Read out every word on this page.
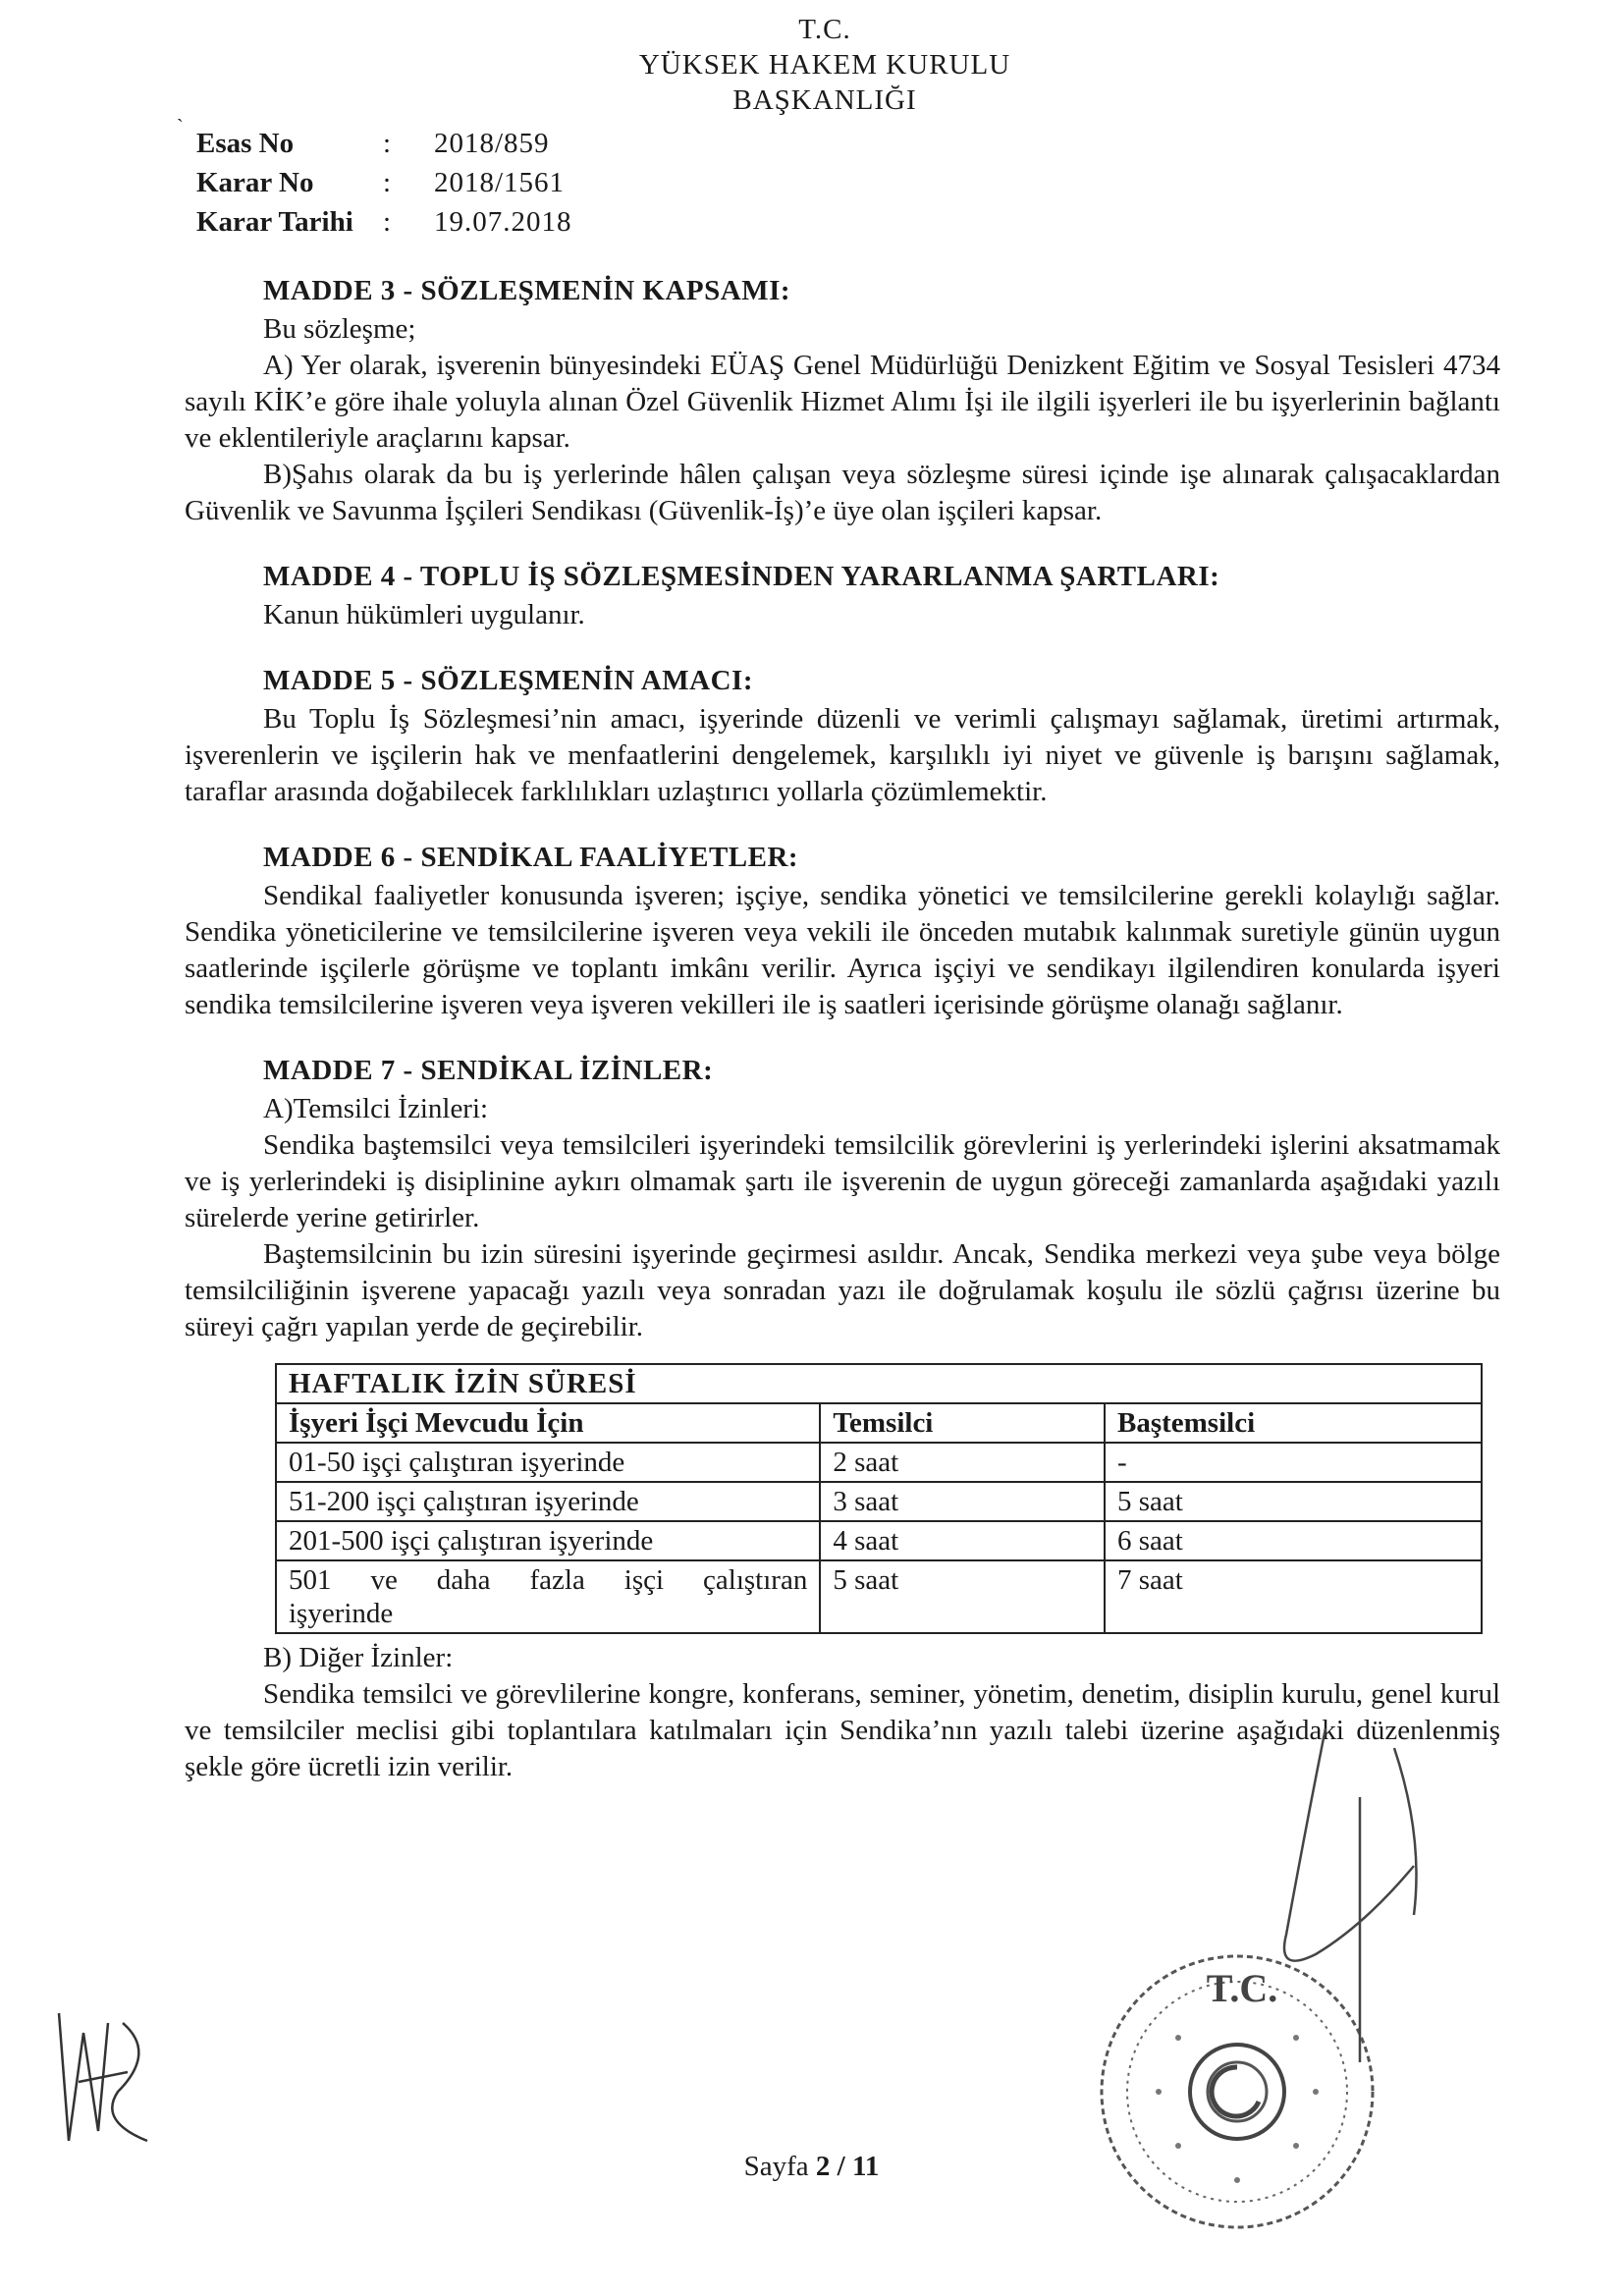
`
T.C.
YÜKSEK HAKEM KURULU
BAŞKANLIĞI
Esas No	:	2018/859
Karar No	:	2018/1561
Karar Tarihi	:	19.07.2018
MADDE 3 - SÖZLEŞMENİN KAPSAMI:

Bu sözleşme;

A) Yer olarak, işverenin bünyesindeki EÜAŞ Genel Müdürlüğü Denizkent Eğitim ve Sosyal Tesisleri 4734 sayılı KİK’e göre ihale yoluyla alınan Özel Güvenlik Hizmet Alımı İşi ile ilgili işyerleri ile bu işyerlerinin bağlantı ve eklentileriyle araçlarını kapsar.

B)Şahıs olarak da bu iş yerlerinde hâlen çalışan veya sözleşme süresi içinde işe alınarak çalışacaklardan Güvenlik ve Savunma İşçileri Sendikası (Güvenlik-İş)’e üye olan işçileri kapsar.

MADDE 4 - TOPLU İŞ SÖZLEŞMESİNDEN YARARLANMA ŞARTLARI:

Kanun hükümleri uygulanır.

MADDE 5 - SÖZLEŞMENİN AMACI:

Bu Toplu İş Sözleşmesi’nin amacı, işyerinde düzenli ve verimli çalışmayı sağlamak, üretimi artırmak, işverenlerin ve işçilerin hak ve menfaatlerini dengelemek, karşılıklı iyi niyet ve güvenle iş barışını sağlamak, taraflar arasında doğabilecek farklılıkları uzlaştırıcı yollarla çözümlemektir.

MADDE 6 - SENDİKAL FAALİYETLER:

Sendikal faaliyetler konusunda işveren; işçiye, sendika yönetici ve temsilcilerine gerekli kolaylığı sağlar. Sendika yöneticilerine ve temsilcilerine işveren veya vekili ile önceden mutabık kalınmak suretiyle günün uygun saatlerinde işçilerle görüşme ve toplantı imkânı verilir. Ayrıca işçiyi ve sendikayı ilgilendiren konularda işyeri sendika temsilcilerine işveren veya işveren vekilleri ile iş saatleri içerisinde görüşme olanağı sağlanır.

MADDE 7 - SENDİKAL İZİNLER:

A)Temsilci İzinleri:

Sendika baştemsilci veya temsilcileri işyerindeki temsilcilik görevlerini iş yerlerindeki işlerini aksatmamak ve iş yerlerindeki iş disiplinine aykırı olmamak şartı ile işverenin de uygun göreceği zamanlarda aşağıdaki yazılı sürelerde yerine getirirler.

Baştemsilcinin bu izin süresini işyerinde geçirmesi asıldır. Ancak, Sendika merkezi veya şube veya bölge temsilciliğinin işverene yapacağı yazılı veya sonradan yazı ile doğrulamak koşulu ile sözlü çağrısı üzerine bu süreyi çağrı yapılan yerde de geçirebilir.

HAFTALIK İZİN SÜRESİ		
İşyeri İşçi Mevcudu İçin	Temsilci	Baştemsilci
01-50 işçi çalıştıran işyerinde	2 saat	-
51-200 işçi çalıştıran işyerinde	3 saat	5 saat
201-500 işçi çalıştıran işyerinde	4 saat	6 saat

501 ve daha fazla işçi çalıştıran
işyerinde	5 saat	7 saat

B) Diğer İzinler:

Sendika temsilci ve görevlilerine kongre, konferans, seminer, yönetim, denetim, disiplin kurulu, genel kurul ve temsilciler meclisi gibi toplantılara katılmaları için Sendika’nın yazılı talebi üzerine aşağıdaki düzenlenmiş şekle göre ücretli izin verilir.

T.C.
Sayfa 2 / 11
